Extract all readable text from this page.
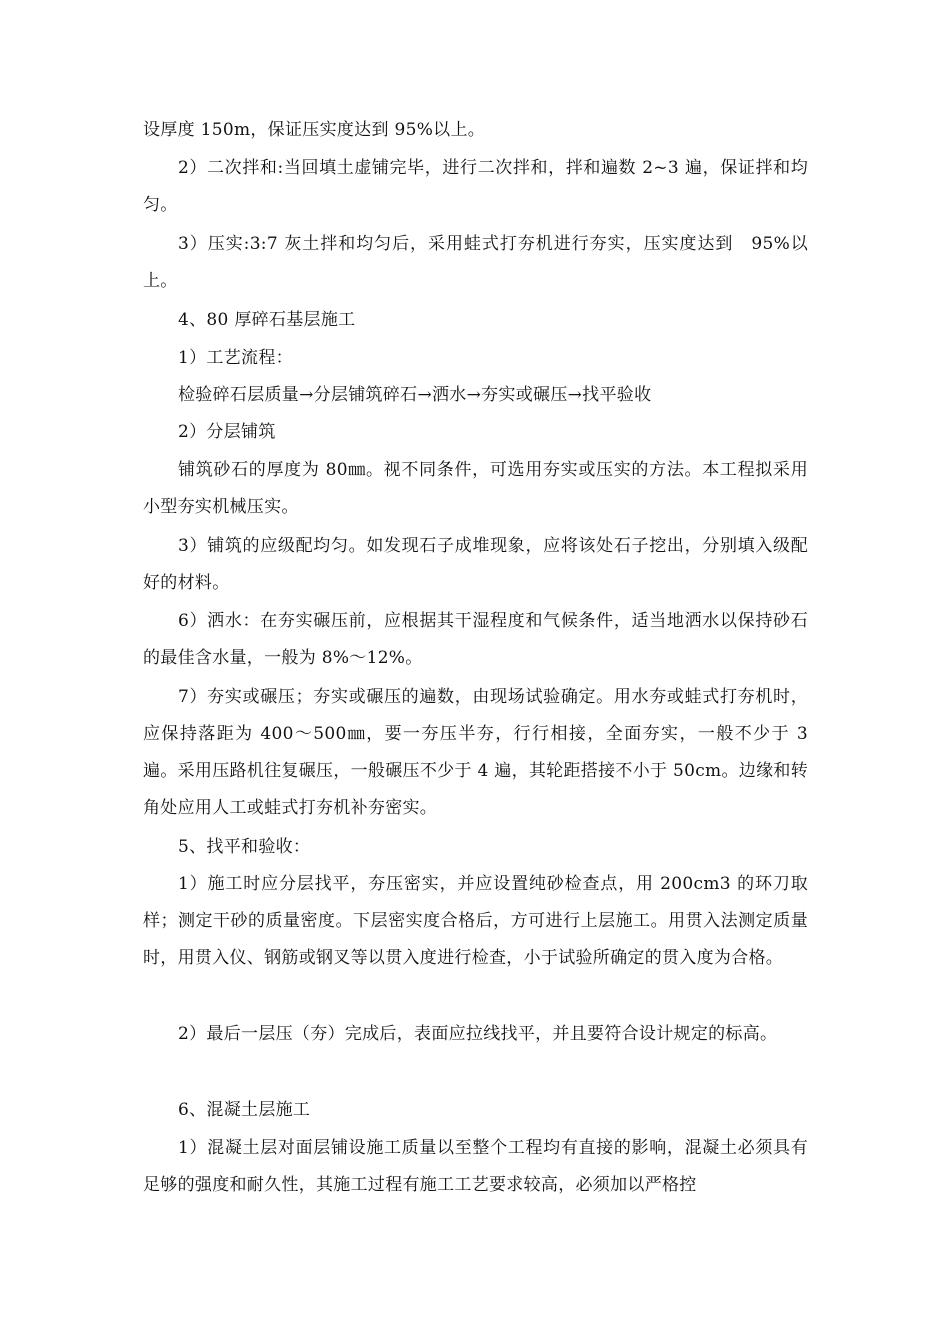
设厚度 150m，保证压实度达到 95%以上。

2）二次拌和:当回填土虚铺完毕，进行二次拌和，拌和遍数 2~3 遍，保证拌和均匀。

3）压实:3:7 灰土拌和均匀后，采用蛙式打夯机进行夯实，压实度达到　95%以上。

4、80 厚碎石基层施工

1）工艺流程：

检验碎石层质量→分层铺筑碎石→洒水→夯实或碾压→找平验收

2）分层铺筑

铺筑砂石的厚度为 80㎜。视不同条件，可选用夯实或压实的方法。本工程拟采用小型夯实机械压实。

3）铺筑的应级配均匀。如发现石子成堆现象，应将该处石子挖出，分别填入级配好的材料。

6）洒水：在夯实碾压前，应根据其干湿程度和气候条件，适当地洒水以保持砂石的最佳含水量，一般为 8%～12%。

7）夯实或碾压；夯实或碾压的遍数，由现场试验确定。用水夯或蛙式打夯机时，应保持落距为 400～500㎜，要一夯压半夯，行行相接，全面夯实，一般不少于 3 遍。采用压路机往复碾压，一般碾压不少于 4 遍，其轮距搭接不小于 50cm。边缘和转角处应用人工或蛙式打夯机补夯密实。

5、找平和验收：

1）施工时应分层找平，夯压密实，并应设置纯砂检查点，用 200cm3 的环刀取样；测定干砂的质量密度。下层密实度合格后，方可进行上层施工。用贯入法测定质量时，用贯入仪、钢筋或钢叉等以贯入度进行检查，小于试验所确定的贯入度为合格。

2）最后一层压（夯）完成后，表面应拉线找平，并且要符合设计规定的标高。

6、混凝土层施工

1）混凝土层对面层铺设施工质量以至整个工程均有直接的影响，混凝土必须具有足够的强度和耐久性，其施工过程有施工工艺要求较高，必须加以严格控
